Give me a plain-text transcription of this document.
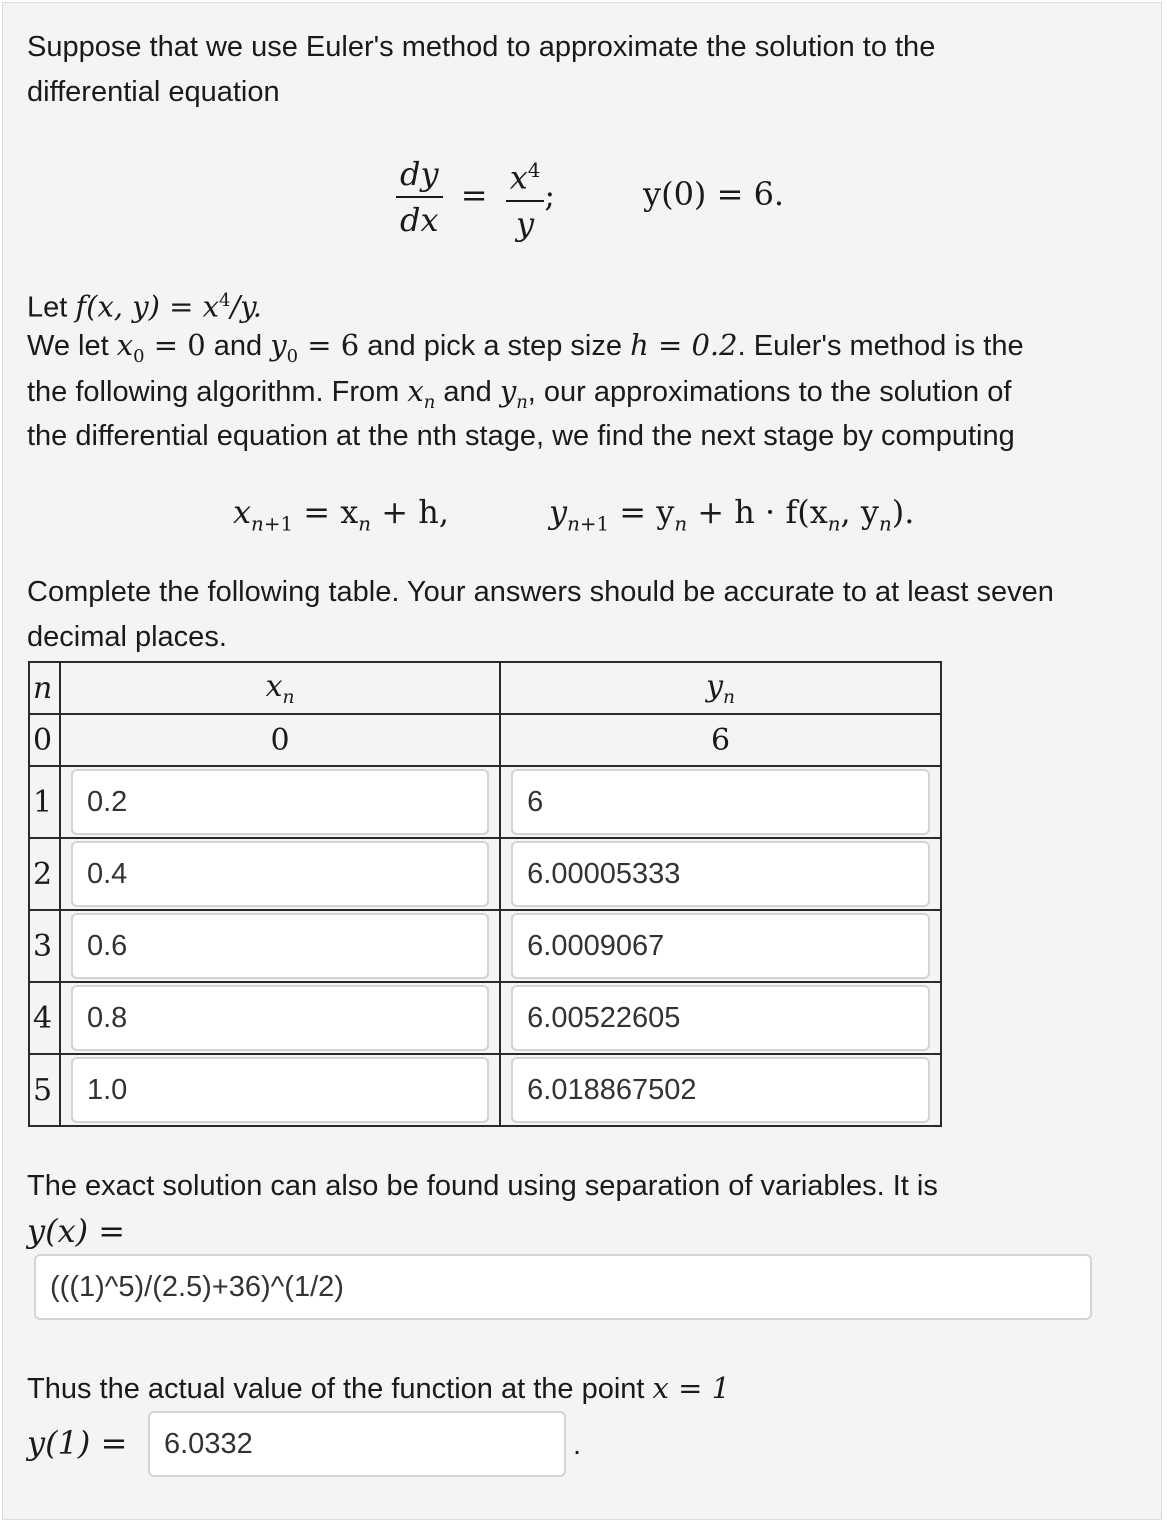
Suppose that we use Euler's method to approximate the solution to the
differential equation
$\frac{dy}{dx} = \frac{x^4}{y}$ ;	y(0) = 6.
Let f(x, $y) = x^4/y$.
We let $x_0 = 0$ and $y_0 = 6$ and pick a step size h = 0.2. Euler's method is the
the following algorithm. From $x_n$ and $y_n$, our approximations to the solution of
the differential equation at the nth stage, we find the next stage by computing
$x_{n+1} = x_n + h$,	$y_{n+1} = y_n + h \cdot f(x_n$, $y_n$).
Complete the following table. Your answers should be accurate to at least seven
decimal places.
n	$x_n$	$y_n$
0	0	6
1	0.2	6

2	0.4	6.00005333

3	0.6	6.0009067

4	0.8	6.00522605

5	1.0	6.018867502
The exact solution can also be found using separation of variables. It is
y(x) =
(((1)^5)/(2.5)+36)^(1/2)
Thus the actual value of the function at the point x = 1
y(1) =	6.0332	.
